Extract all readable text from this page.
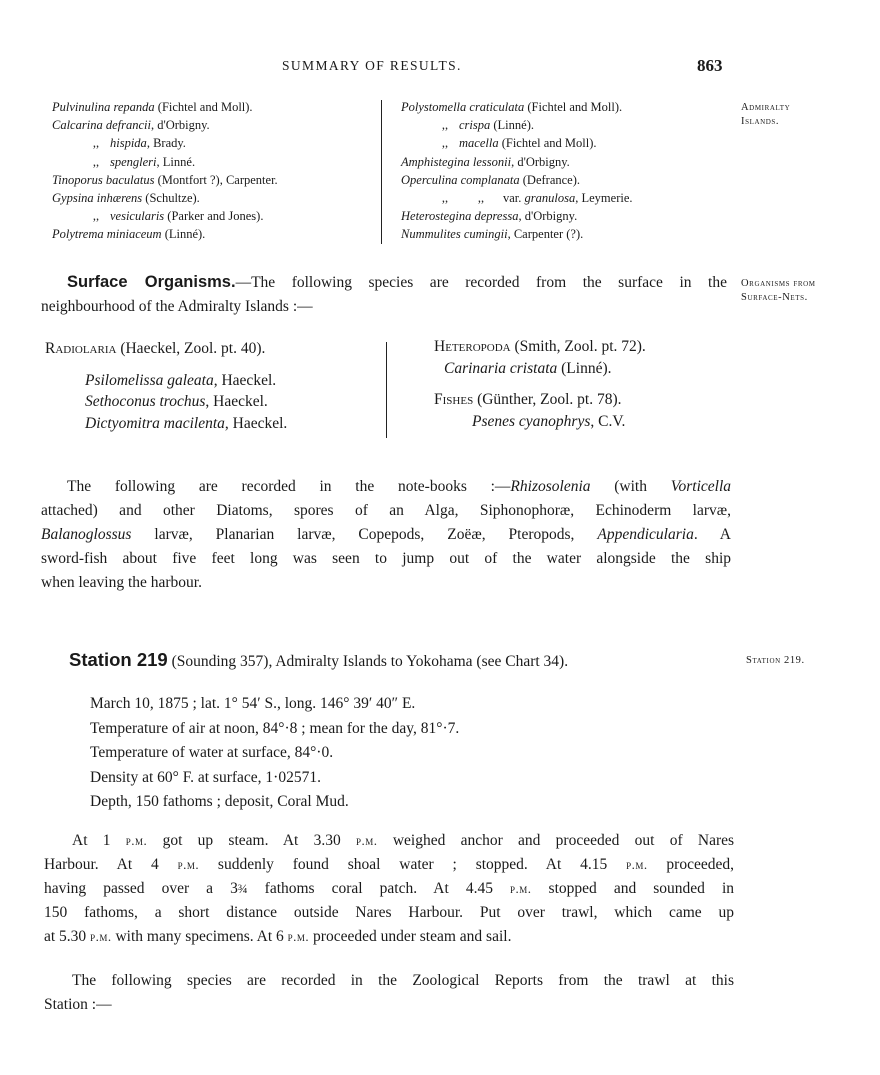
SUMMARY OF RESULTS.	863
Pulvinulina repanda (Fichtel and Moll).
Calcarina defrancii, d'Orbigny.
,, hispida, Brady.
,, spengleri, Linné.
Tinoporus baculatus (Montfort ?), Carpenter.
Gypsina inhærens (Schultze).
,, vesicularis (Parker and Jones).
Polytrema miniaceum (Linné).
Polystomella craticulata (Fichtel and Moll).
,, crispa (Linné).
,, macella (Fichtel and Moll).
Amphistegina lessonii, d'Orbigny.
Operculina complanata (Defrance).
,, ,, var. granulosa, Leymerie.
Heterostegina depressa, d'Orbigny.
Nummulites cumingii, Carpenter (?).
Admiralty
Islands.
Surface Organisms.—The following species are recorded from the surface in the
neighbourhood of the Admiralty Islands :—
Organisms from
Surface-Nets.
Radiolaria (Haeckel, Zool. pt. 40).
Psilomelissa galeata, Haeckel.
Sethoconus trochus, Haeckel.
Dictyomitra macilenta, Haeckel.
Heteropoda (Smith, Zool. pt. 72).
Carinaria cristata (Linné).
Fishes (Günther, Zool. pt. 78).
Psenes cyanophrys, C.V.
The following are recorded in the note-books :—Rhizosolenia (with Vorticella
attached) and other Diatoms, spores of an Alga, Siphonophoræ, Echinoderm larvæ,
Balanoglossus larvæ, Planarian larvæ, Copepods, Zoëæ, Pteropods, Appendicularia. A
sword-fish about five feet long was seen to jump out of the water alongside the ship
when leaving the harbour.
Station 219 (Sounding 357), Admiralty Islands to Yokohama (see Chart 34).	Station 219.
March 10, 1875 ; lat. 1° 54′ S., long. 146° 39′ 40″ E.
Temperature of air at noon, 84°·8 ; mean for the day, 81°·7.
Temperature of water at surface, 84°·0.
Density at 60° F. at surface, 1·02571.
Depth, 150 fathoms ; deposit, Coral Mud.
At 1 p.m. got up steam. At 3.30 p.m. weighed anchor and proceeded out of Nares
Harbour. At 4 p.m. suddenly found shoal water ; stopped. At 4.15 p.m. proceeded,
having passed over a 3¾ fathoms coral patch. At 4.45 p.m. stopped and sounded in
150 fathoms, a short distance outside Nares Harbour. Put over trawl, which came up
at 5.30 p.m. with many specimens. At 6 p.m. proceeded under steam and sail.
The following species are recorded in the Zoological Reports from the trawl at this
Station :—
